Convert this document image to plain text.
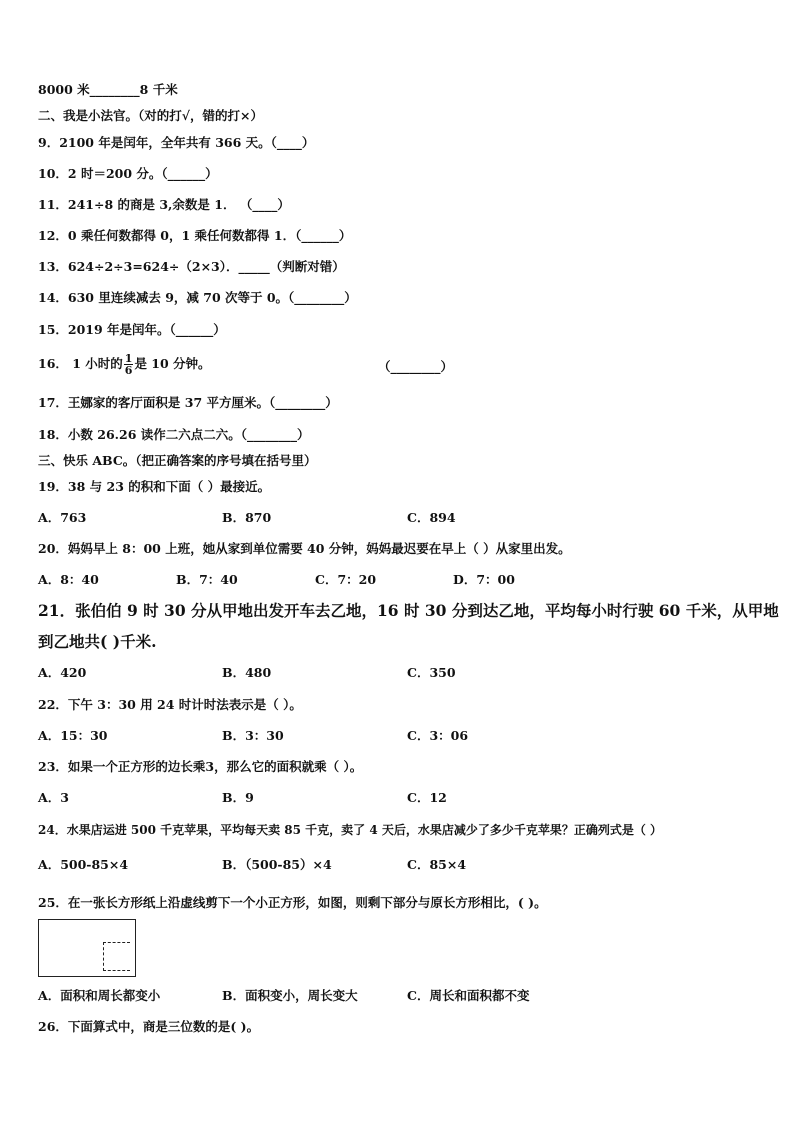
8000 米________8 千米
二、我是小法官。（对的打√，错的打×）
9．2100 年是闰年，全年共有 366 天。（____）
10．2 时＝200 分。（______）
11．241÷8 的商是 3,余数是 1． （____）
12．0 乘任何数都得 0，1 乘任何数都得 1．（______）
13．624÷2÷3=624÷（2×3）．_____（判断对错）
14．630 里连续减去 9，减 70 次等于 0。（________）
15．2019 年是闰年。（______）
16． 1 小时的 $\frac{1}{6}$ 是 10 分钟。	（________）
17．王娜家的客厅面积是 37 平方厘米。（________）
18．小数 26.26 读作二六点二六。（________）
三、快乐 ABC。（把正确答案的序号填在括号里）
19．38 与 23 的积和下面（ ）最接近。
A．763	B．870	C．894
20．妈妈早上 8：00 上班，她从家到单位需要 40 分钟，妈妈最迟要在早上（ ）从家里出发。
A．8：40	B．7：40	C．7：20	D．7：00
21．张伯伯 9 时 30 分从甲地出发开车去乙地，16 时 30 分到达乙地，平均每小时行驶 60 千米，从甲地
到乙地共( )千米.
A．420	B．480	C．350
22．下午 3：30 用 24 时计时法表示是（ ）。
A．15：30	B．3：30	C．3：06
23．如果一个正方形的边长乘3，那么它的面积就乘（ ）。
A．3	B．9	C．12
24．水果店运进 500 千克苹果，平均每天卖 85 千克，卖了 4 天后，水果店减少了多少千克苹果？正确列式是（ ）
A．500-85×4	B．（500-85）×4	C．85×4
25．在一张长方形纸上沿虚线剪下一个小正方形，如图，则剩下部分与原长方形相比，( )。
A．面积和周长都变小	B．面积变小，周长变大	C．周长和面积都不变
26．下面算式中，商是三位数的是( )。
